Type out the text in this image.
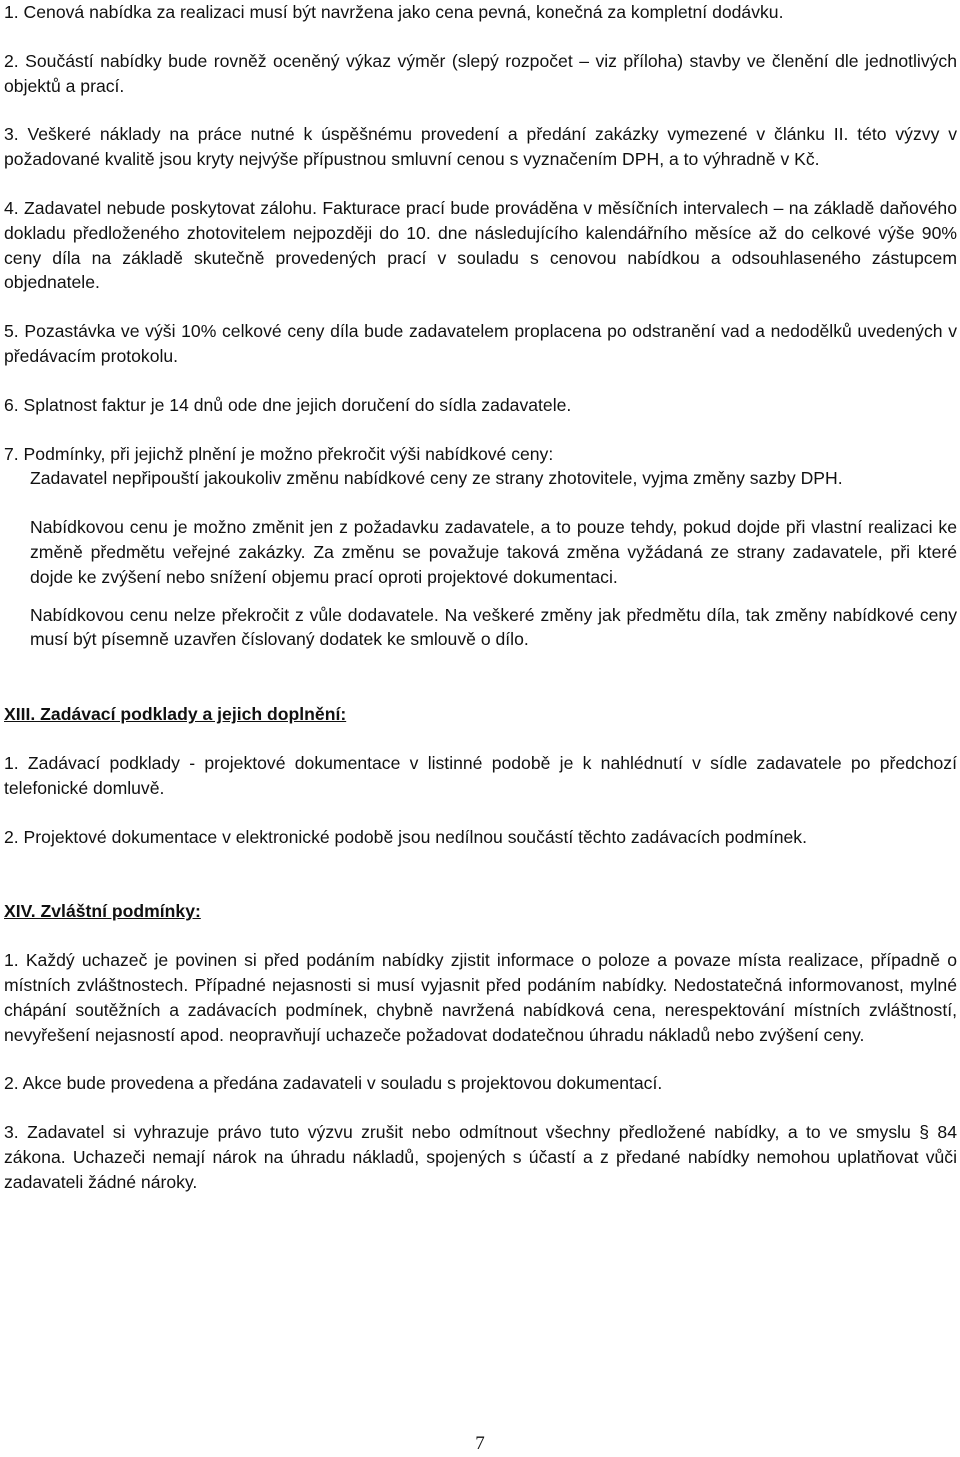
1. Cenová nabídka za realizaci musí být navržena jako cena pevná, konečná za kompletní dodávku.

2. Součástí nabídky bude rovněž oceněný výkaz výměr (slepý rozpočet – viz příloha) stavby ve členění dle jednotlivých objektů a prací.

3. Veškeré náklady na práce nutné k úspěšnému provedení a předání zakázky vymezené v článku II. této výzvy v požadované kvalitě jsou kryty nejvýše přípustnou smluvní cenou s vyznačením DPH, a to výhradně v Kč.

4. Zadavatel nebude poskytovat zálohu. Fakturace prací bude prováděna v měsíčních intervalech – na základě daňového dokladu předloženého zhotovitelem nejpozději do 10. dne následujícího kalendářního měsíce až do celkové výše 90% ceny díla na základě skutečně provedených prací v souladu s cenovou nabídkou a odsouhlaseného zástupcem objednatele.

5. Pozastávka ve výši 10% celkové ceny díla bude zadavatelem proplacena po odstranění vad a nedodělků uvedených v předávacím protokolu.

6. Splatnost faktur je 14 dnů ode dne jejich doručení do sídla zadavatele.

7. Podmínky, při jejichž plnění je možno překročit výši nabídkové ceny:

Zadavatel nepřipouští jakoukoliv změnu nabídkové ceny ze strany zhotovitele, vyjma změny sazby DPH.

Nabídkovou cenu je možno změnit jen z požadavku zadavatele, a to pouze tehdy, pokud dojde při vlastní realizaci ke změně předmětu veřejné zakázky. Za změnu se považuje taková změna vyžádaná ze strany zadavatele, při které dojde ke zvýšení nebo snížení objemu prací oproti projektové dokumentaci.

Nabídkovou cenu nelze překročit z vůle dodavatele. Na veškeré změny jak předmětu díla, tak změny nabídkové ceny musí být písemně uzavřen číslovaný dodatek ke smlouvě o dílo.

XIII. Zadávací podklady a jejich doplnění:

1. Zadávací podklady - projektové dokumentace v listinné podobě je k nahlédnutí v sídle zadavatele po předchozí telefonické domluvě.

2. Projektové dokumentace v elektronické podobě jsou nedílnou součástí těchto zadávacích podmínek.

XIV. Zvláštní podmínky:

1. Každý uchazeč je povinen si před podáním nabídky zjistit informace o poloze a povaze místa realizace, případně o místních zvláštnostech. Případné nejasnosti si musí vyjasnit před podáním nabídky. Nedostatečná informovanost, mylné chápání soutěžních a zadávacích podmínek, chybně navržená nabídková cena, nerespektování místních zvláštností, nevyřešení nejasností apod. neopravňují uchazeče požadovat dodatečnou úhradu nákladů nebo zvýšení ceny.

2. Akce bude provedena a předána zadavateli v souladu s projektovou dokumentací.

3. Zadavatel si vyhrazuje právo tuto výzvu zrušit nebo odmítnout všechny předložené nabídky, a to ve smyslu § 84 zákona. Uchazeči nemají nárok na úhradu nákladů, spojených s účastí a z předané nabídky nemohou uplatňovat vůči zadavateli žádné nároky.

7
